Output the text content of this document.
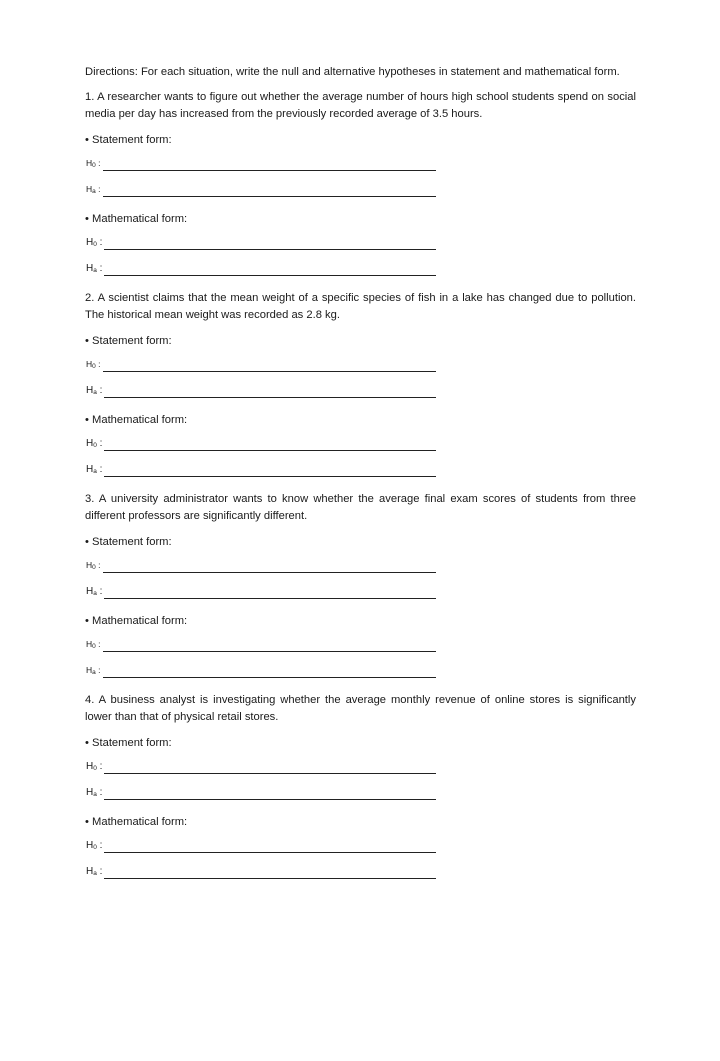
Directions: For each situation, write the null and alternative hypotheses in statement and mathematical form.

1. A researcher wants to figure out whether the average number of hours high school students spend on social media per day has increased from the previously recorded average of 3.5 hours.

• Statement form:
$H_0$ :
$H_a$ :
• Mathematical form:
$H_0$ :
$H_a$ :

2. A scientist claims that the mean weight of a specific species of fish in a lake has changed due to pollution. The historical mean weight was recorded as 2.8 kg.

• Statement form:
$H_0$ :
$H_a$ :
• Mathematical form:
$H_0$ :
$H_a$ :

3. A university administrator wants to know whether the average final exam scores of students from three different professors are significantly different.

• Statement form:
$H_0$ :
$H_a$ :
• Mathematical form:
$H_0$ :
$H_a$ :

4. A business analyst is investigating whether the average monthly revenue of online stores is significantly lower than that of physical retail stores.

• Statement form:
$H_0$ :
$H_a$ :
• Mathematical form:
$H_0$ :
$H_a$ :
